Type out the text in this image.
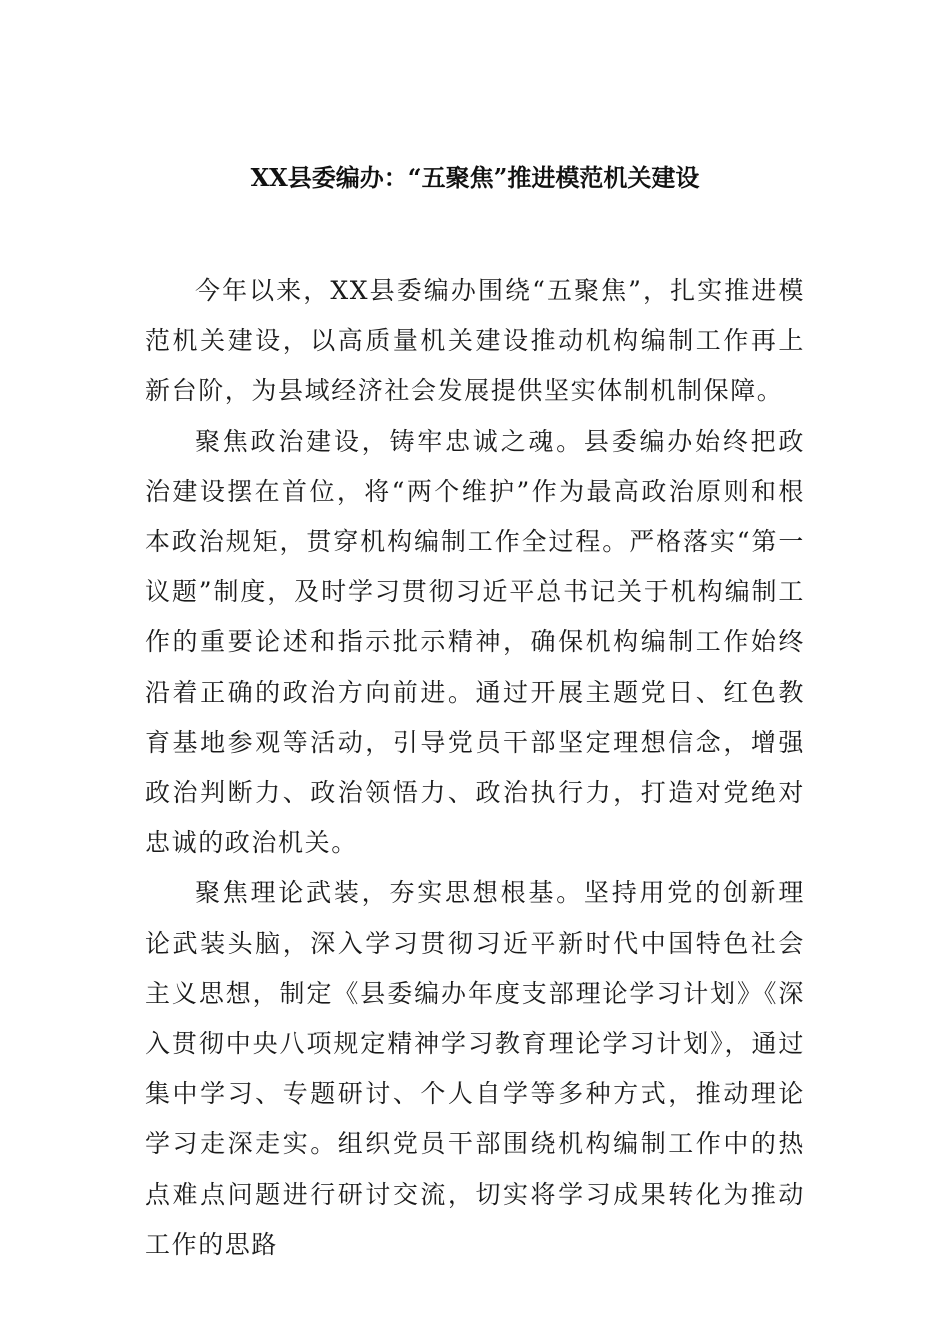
XX县委编办：“五聚焦”推进模范机关建设

今年以来，XX县委编办围绕“五聚焦”，扎实推进模范机关建设，以高质量机关建设推动机构编制工作再上新台阶，为县域经济社会发展提供坚实体制机制保障。

聚焦政治建设，铸牢忠诚之魂。县委编办始终把政治建设摆在首位，将“两个维护”作为最高政治原则和根本政治规矩，贯穿机构编制工作全过程。严格落实“第一议题”制度，及时学习贯彻习近平总书记关于机构编制工作的重要论述和指示批示精神，确保机构编制工作始终沿着正确的政治方向前进。通过开展主题党日、红色教育基地参观等活动，引导党员干部坚定理想信念，增强政治判断力、政治领悟力、政治执行力，打造对党绝对忠诚的政治机关。

聚焦理论武装，夯实思想根基。坚持用党的创新理论武装头脑，深入学习贯彻习近平新时代中国特色社会主义思想，制定《县委编办年度支部理论学习计划》《深入贯彻中央八项规定精神学习教育理论学习计划》，通过集中学习、专题研讨、个人自学等多种方式，推动理论学习走深走实。组织党员干部围绕机构编制工作中的热点难点问题进行研讨交流，切实将学习成果转化为推动工作的思路
